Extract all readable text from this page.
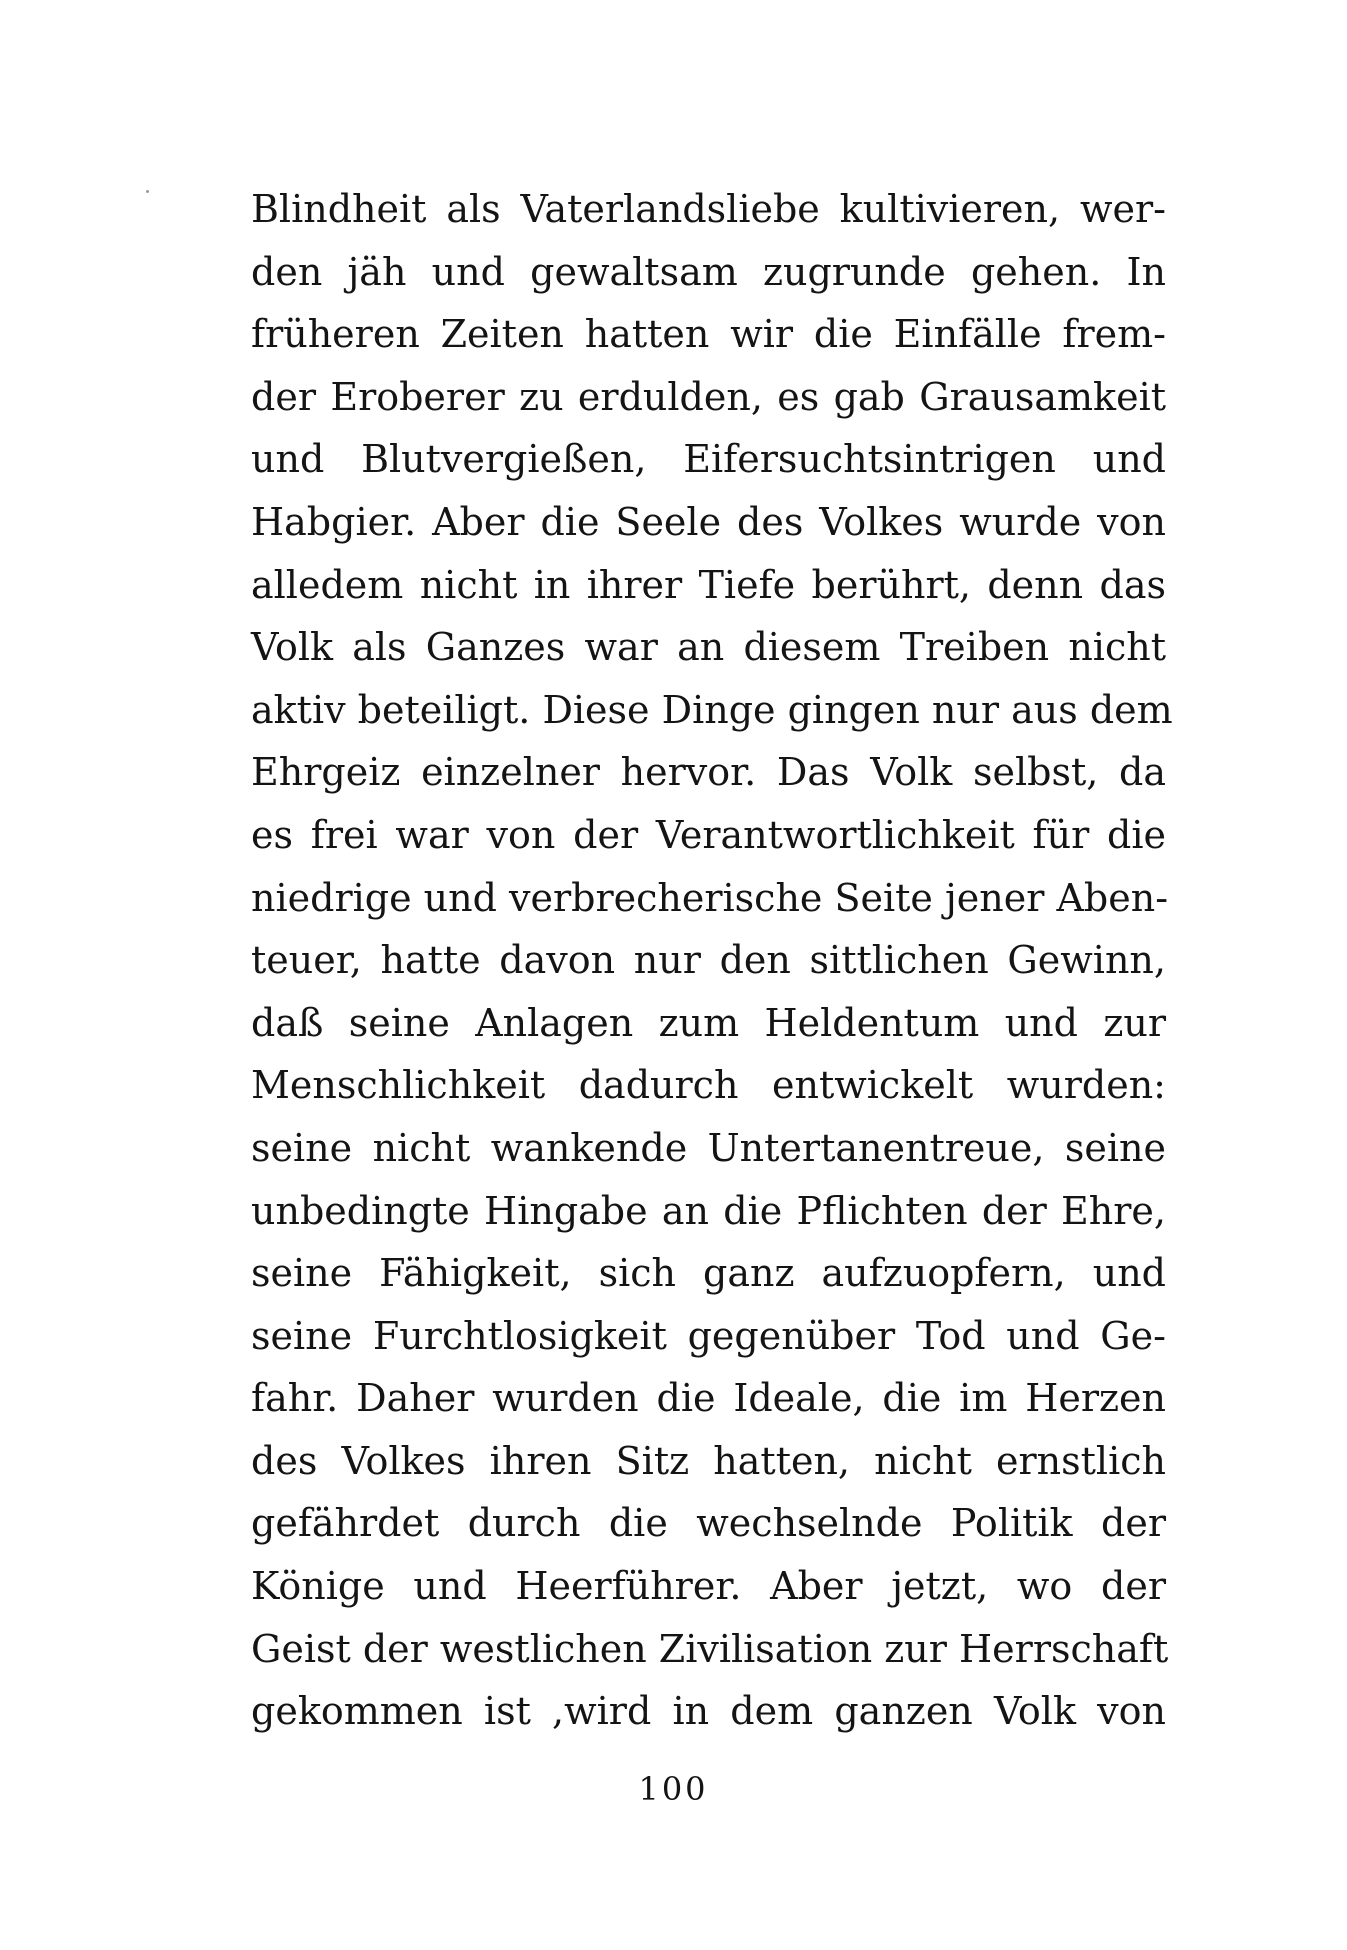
Blindheit als Vaterlandsliebe kultivieren, wer-
den jäh und gewaltsam zugrunde gehen. In
früheren Zeiten hatten wir die Einfälle frem-
der Eroberer zu erdulden, es gab Grausamkeit
und Blutvergießen, Eifersuchtsintrigen und
Habgier. Aber die Seele des Volkes wurde von
alledem nicht in ihrer Tiefe berührt, denn das
Volk als Ganzes war an diesem Treiben nicht
aktiv beteiligt. Diese Dinge gingen nur aus dem
Ehrgeiz einzelner hervor. Das Volk selbst, da
es frei war von der Verantwortlichkeit für die
niedrige und verbrecherische Seite jener Aben-
teuer, hatte davon nur den sittlichen Gewinn,
daß seine Anlagen zum Heldentum und zur
Menschlichkeit dadurch entwickelt wurden:
seine nicht wankende Untertanentreue, seine
unbedingte Hingabe an die Pflichten der Ehre,
seine Fähigkeit, sich ganz aufzuopfern, und
seine Furchtlosigkeit gegenüber Tod und Ge-
fahr. Daher wurden die Ideale, die im Herzen
des Volkes ihren Sitz hatten, nicht ernstlich
gefährdet durch die wechselnde Politik der
Könige und Heerführer. Aber jetzt, wo der
Geist der westlichen Zivilisation zur Herrschaft
gekommen ist ,wird in dem ganzen Volk von
100
